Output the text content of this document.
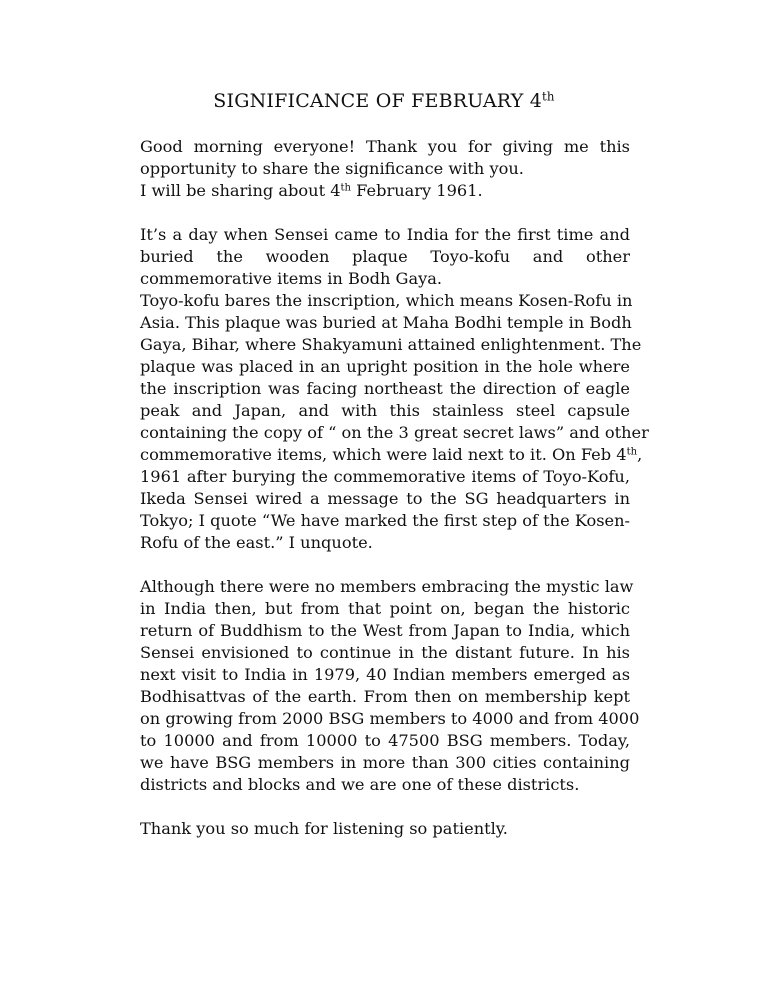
SIGNIFICANCE OF FEBRUARY 4th
Good morning everyone! Thank you for giving me this
opportunity to share the significance with you.
I will be sharing about 4th February 1961.
It’s a day when Sensei came to India for the first time and
buried the wooden plaque Toyo-kofu and other
commemorative items in Bodh Gaya.
Toyo-kofu bares the inscription, which means Kosen-Rofu in
Asia. This plaque was buried at Maha Bodhi temple in Bodh
Gaya, Bihar, where Shakyamuni attained enlightenment. The
plaque was placed in an upright position in the hole where
the inscription was facing northeast the direction of eagle
peak and Japan, and with this stainless steel capsule
containing the copy of “ on the 3 great secret laws” and other
commemorative items, which were laid next to it. On Feb 4th,
1961 after burying the commemorative items of Toyo-Kofu,
Ikeda Sensei wired a message to the SG headquarters in
Tokyo; I quote “We have marked the first step of the Kosen-
Rofu of the east.” I unquote.
Although there were no members embracing the mystic law
in India then, but from that point on, began the historic
return of Buddhism to the West from Japan to India, which
Sensei envisioned to continue in the distant future. In his
next visit to India in 1979, 40 Indian members emerged as
Bodhisattvas of the earth. From then on membership kept
on growing from 2000 BSG members to 4000 and from 4000
to 10000 and from 10000 to 47500 BSG members. Today,
we have BSG members in more than 300 cities containing
districts and blocks and we are one of these districts.
Thank you so much for listening so patiently.
